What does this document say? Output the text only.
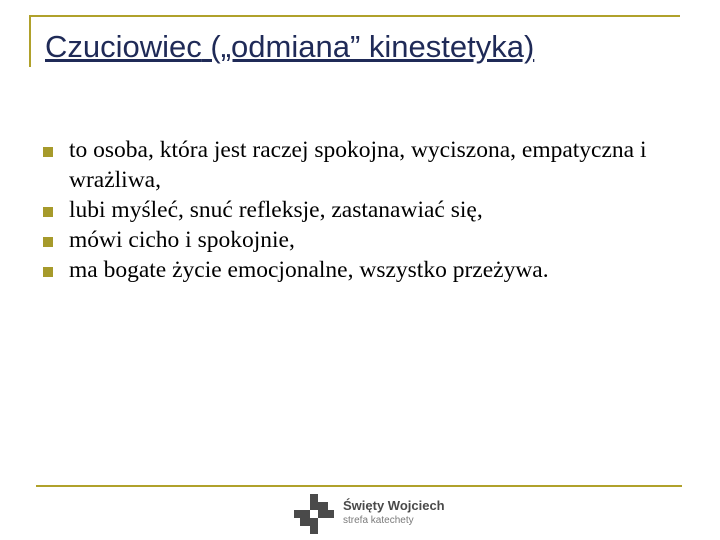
Czuciowiec („odmiana” kinestetyka)
to osoba, która jest raczej spokojna, wyciszona, empatyczna i wrażliwa,
lubi myśleć, snuć refleksje, zastanawiać się,
mówi cicho i spokojnie,
ma bogate życie emocjonalne, wszystko przeżywa.
Święty Wojciech
strefa katechety
